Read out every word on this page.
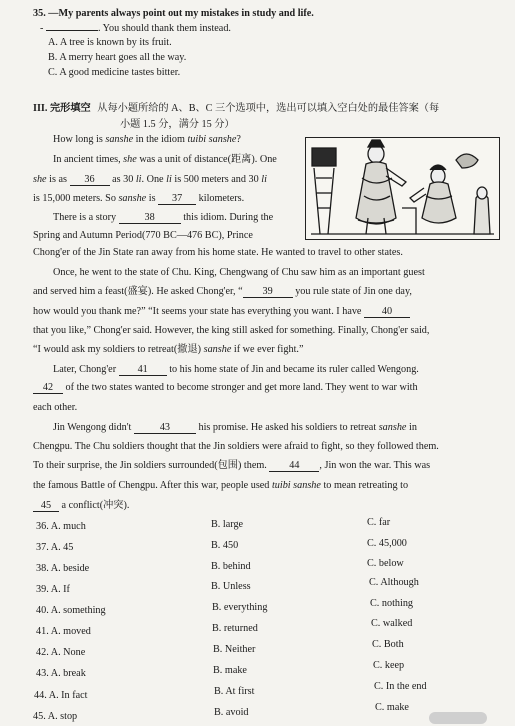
35. —My parents always point out my mistakes in study and life.
-	. You should thank them instead.
A. A tree is known by its fruit.
B. A merry heart goes all the way.
C. A good medicine tastes bitter.
III. 完形填空 从每小题所给的 A、B、C 三个选项中，选出可以填入空白处的最佳答案（每
小题 1.5 分，满分 15 分）
How long is sanshe in the idiom tuibi sanshe?
In ancient times, she was a unit of distance(距离). One
she is as 36 as 30 li. One li is 500 meters and 30 li
is 15,000 meters. So sanshe is 37 kilometers.
There is a story	38	this idiom. During the
Spring and Autumn Period(770 BC—476 BC), Prince
Chong'er of the Jin State ran away from his home state. He wanted to travel to other states.
Once, he went to the state of Chu. King, Chengwang of Chu saw him as an important guest
and served him a feast(盛宴). He asked Chong'er, “ 39 you rule state of Jin one day,
how would you thank me?” “It seems your state has everything you want. I have 40
that you like,” Chong'er said. However, the king still asked for something. Finally, Chong'er said,
“I would ask my soldiers to retreat(撤退) sanshe if we ever fight.”
Later, Chong'er 41 to his home state of Jin and became its ruler called Wengong.
42 of the two states wanted to become stronger and get more land. They went to war with
each other.
Jin Wengong didn't	43	his promise. He asked his soldiers to retreat sanshe in
Chengpu. The Chu soldiers thought that the Jin soldiers were afraid to fight, so they followed them.
To their surprise, the Jin soldiers surrounded(包围) them. 44 , Jin won the war. This was
the famous Battle of Chengpu. After this war, people used tuibi sanshe to mean retreating to
45 a conflict(冲突).
36. A. much	B. large	C. far
37. A. 45	B. 450	C. 45,000
38. A. beside	B. behind	C. below
39. A. If	B. Unless	C. Although
40. A. something	B. everything	C. nothing
41. A. moved	B. returned	C. walked
42. A. None	B. Neither	C. Both
43. A. break	B. make	C. keep
44. A. In fact	B. At first	C. In the end
45. A. stop	B. avoid	C. make
